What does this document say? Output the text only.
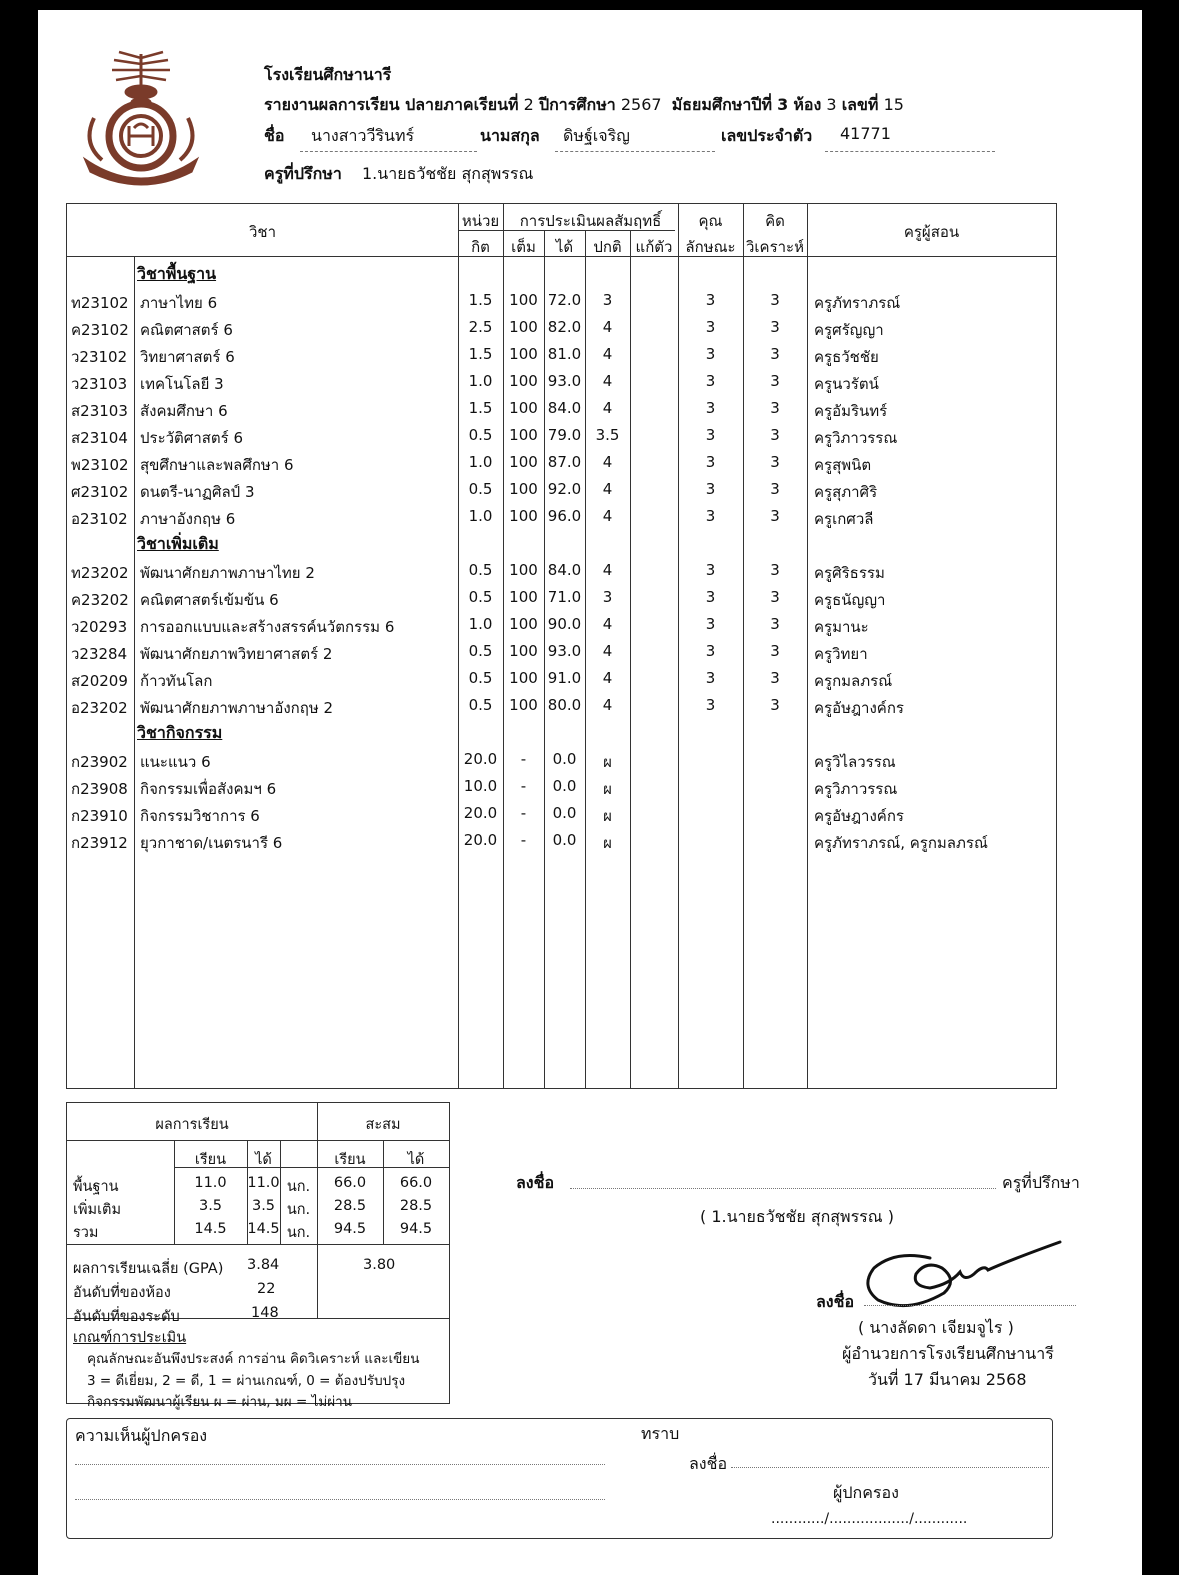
โรงเรียนศึกษานารี
รายงานผลการเรียน ปลายภาคเรียนที่ 2 ปีการศึกษา 2567 มัธยมศึกษาปีที่ 3 ห้อง 3 เลขที่ 15
ชื่อ นางสาววีรินทร์	นามสกุล ดิษฐ์เจริญ	เลขประจำตัว 41771
ครูที่ปรึกษา 1.นายธวัชชัย สุกสุพรรณ
วิชา
หน่วย
กิต
การประเมินผลสัมฤทธิ์
เต็ม	ได้	ปกติ แก้ตัว
คุณ
ลักษณะ
คิด
วิเคราะห์
ครูผู้สอน
วิชาพื้นฐาน
ท23102 ภาษาไทย 6	1.5	100 72.0	3	3	3	ครูภัทราภรณ์
ค23102 คณิตศาสตร์ 6	2.5	100 82.0	4	3	3	ครูศรัญญา
ว23102 วิทยาศาสตร์ 6	1.5	100 81.0	4	3	3	ครูธวัชชัย
ว23103 เทคโนโลยี 3	1.0	100 93.0	4	3	3	ครูนวรัตน์
ส23103 สังคมศึกษา 6	1.5	100 84.0	4	3	3	ครูอัมรินทร์
ส23104 ประวัติศาสตร์ 6	0.5	100 79.0 3.5	3	3	ครูวิภาวรรณ
พ23102 สุขศึกษาและพลศึกษา 6	1.0	100 87.0	4	3	3	ครูสุพนิต
ศ23102 ดนตรี-นาฏศิลป์ 3	0.5	100 92.0	4	3	3	ครูสุภาศิริ
อ23102 ภาษาอังกฤษ 6	1.0	100 96.0	4	3	3	ครูเกศวลี
วิชาเพิ่มเติม
ท23202 พัฒนาศักยภาพภาษาไทย 2	0.5	100 84.0	4	3	3	ครูศิริธรรม
ค23202 คณิตศาสตร์เข้มข้น 6	0.5	100 71.0	3	3	3	ครูธนัญญา
ว20293 การออกแบบและสร้างสรรค์นวัตกรรม 6	1.0	100 90.0	4	3	3	ครูมานะ
ว23284 พัฒนาศักยภาพวิทยาศาสตร์ 2	0.5	100 93.0	4	3	3	ครูวิทยา
ส20209 ก้าวทันโลก	0.5	100 91.0	4	3	3	ครูกมลภรณ์
อ23202 พัฒนาศักยภาพภาษาอังกฤษ 2	0.5	100 80.0	4	3	3	ครูอัษฎางค์กร
วิชากิจกรรม
ก23902 แนะแนว 6	20.0	-	0.0	ผ	ครูวิไลวรรณ
ก23908 กิจกรรมเพื่อสังคมฯ 6	10.0	-	0.0	ผ	ครูวิภาวรรณ
ก23910 กิจกรรมวิชาการ 6	20.0	-	0.0	ผ	ครูอัษฎางค์กร
ก23912 ยุวกาชาด/เนตรนารี 6	20.0	-	0.0	ผ	ครูภัทราภรณ์, ครูกมลภรณ์
ผลการเรียน	สะสม
เรียน	ได้	เรียน	ได้
พื้นฐาน	11.0	11.0 นก.	66.0	66.0
เพิ่มเติม	3.5	3.5 นก.	28.5	28.5
รวม	14.5	14.5 นก.	94.5	94.5
ผลการเรียนเฉลี่ย (GPA) 3.84	3.80
อันดับที่ของห้อง	22
อันดับที่ของระดับ	148
เกณฑ์การประเมิน
คุณลักษณะอันพึงประสงค์ การอ่าน คิดวิเคราะห์ และเขียน
3 = ดีเยี่ยม, 2 = ดี, 1 = ผ่านเกณฑ์, 0 = ต้องปรับปรุง
กิจกรรมพัฒนาผู้เรียน ผ = ผ่าน, มผ = ไม่ผ่าน
ลงชื่อ	ครูที่ปรึกษา
( 1.นายธวัชชัย สุกสุพรรณ )
ลงชื่อ
( นางลัดดา เจียมจูไร )
ผู้อำนวยการโรงเรียนศึกษานารี
วันที่ 17 มีนาคม 2568
ความเห็นผู้ปกครอง	ทราบ
ลงชื่อ
ผู้ปกครอง
............/................../............
